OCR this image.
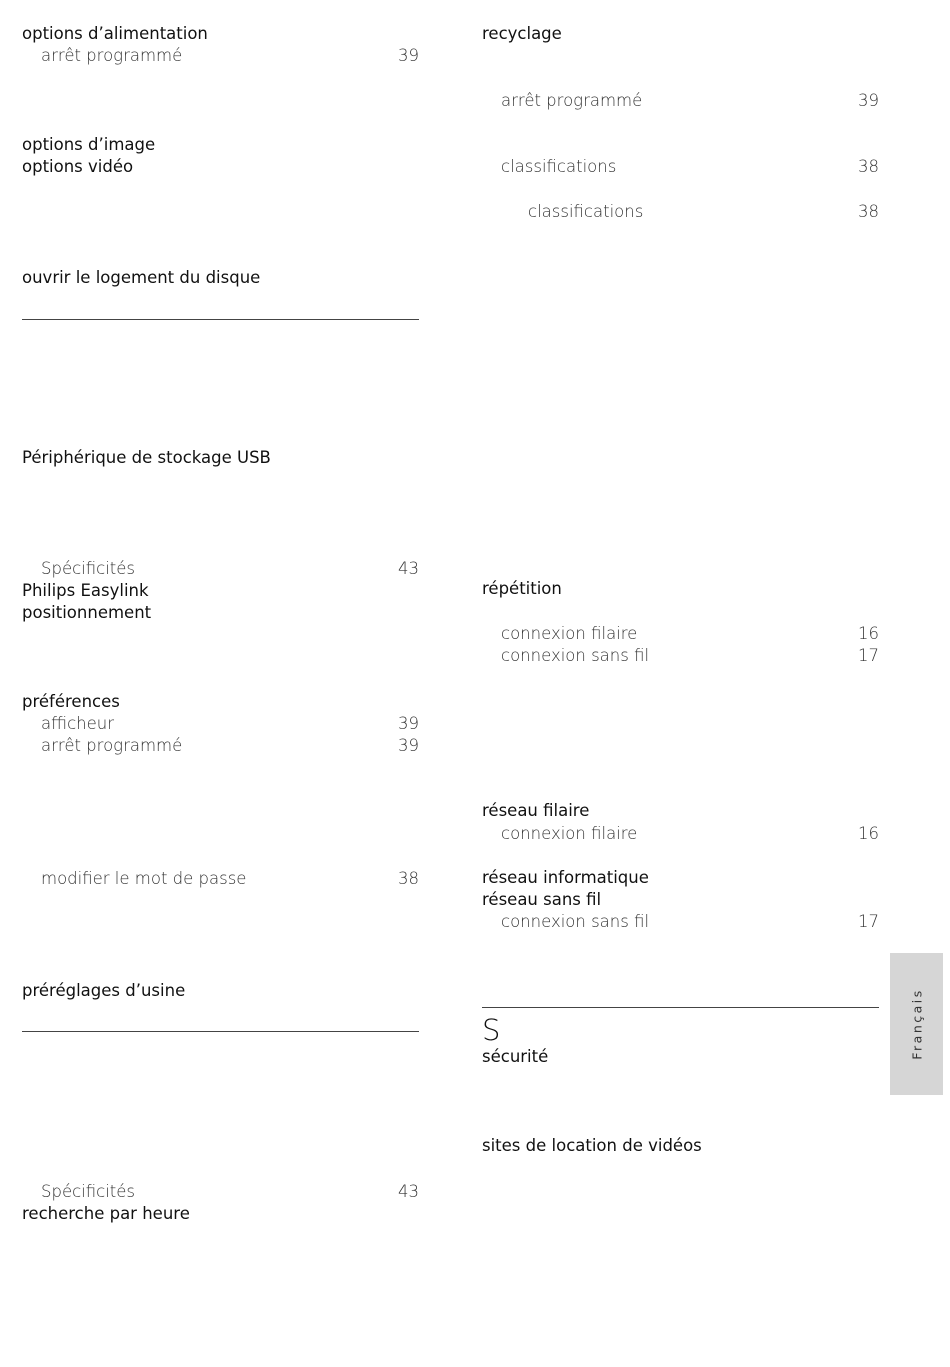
options d’alimentation
arrêt programmé	39
options d’image
options vidéo
ouvrir le logement du disque
Périphérique de stockage USB
Spécificités	43
Philips Easylink
positionnement
préférences
afficheur	39
arrêt programmé	39
modifier le mot de passe	38
préréglages d’usine
Spécificités	43
recherche par heure
recyclage
arrêt programmé	39
classifications	38
classifications	38
répétition
connexion filaire	16
connexion sans fil	17
réseau filaire
connexion filaire	16
réseau informatique
réseau sans fil
connexion sans fil	17
S
sécurité
sites de location de vidéos
Français
